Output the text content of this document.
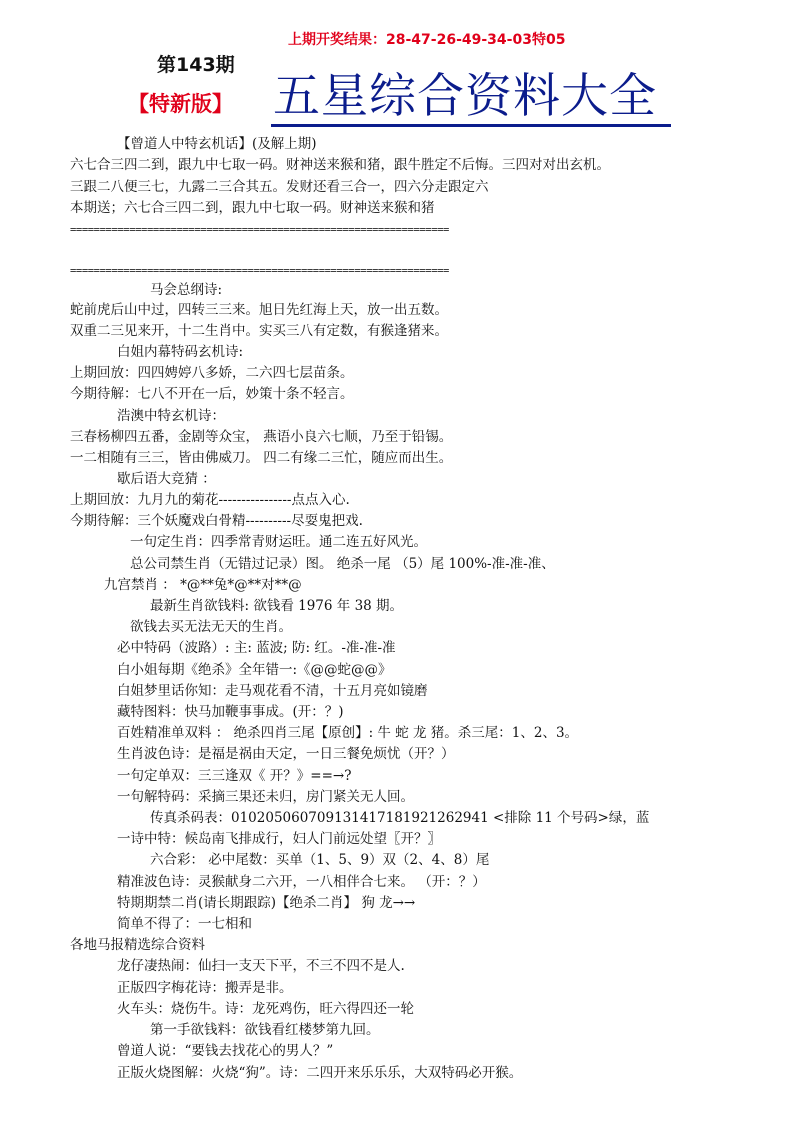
上期开奖结果：28-47-26-49-34-03特05
第143期
【特新版】 五星综合资料大全
【曾道人中特玄机话】(及解上期)
六七合三四二到，跟九中七取一码。财神送来猴和猪，跟牛胜定不后悔。三四对对出玄机。
三跟二八便三七，九露二三合其五。发财还看三合一，四六分走跟定六
本期送；六七合三四二到，跟九中七取一码。财神送来猴和猪
================================================================
================================================================
马会总纲诗:
蛇前虎后山中过，四转三三来。旭日先红海上天，放一出五数。
双重二三见来开，十二生肖中。实买三八有定数，有猴逢猪来。
白姐内幕特码玄机诗:
上期回放：四四娉婷八多娇，二六四七层苗条。
今期待解：七八不开在一后，妙策十条不轻言。
浩澳中特玄机诗：
三春杨柳四五番，金剧等众宝， 燕语小良六七顺，乃至于铅锡。
一二相随有三三，皆由佛威刀。 四二有缘二三忙，随应而出生。
歇后语大竞猜 ：
上期回放：九月九的菊花----------------点点入心.
今期待解：三个妖魔戏白骨精----------尽耍鬼把戏.
一句定生肖：四季常青财运旺。通二连五好风光。
总公司禁生肖（无错过记录）图。 绝杀一尾 （5）尾 100%-准-准-准、
九宫禁肖 ： *@**兔*@**对**@
最新生肖欲钱料: 欲钱看 1976 年 38 期。
欲钱去买无法无天的生肖。
必中特码（波路）: 主: 蓝波; 防: 红。-准-准-准
白小姐每期《绝杀》全年错一:《@@蛇@@》
白姐梦里话你知：走马观花看不清，十五月亮如镜磨
藏特图料：快马加鞭事事成。(开：？)
百姓精准单双料 ： 绝杀四肖三尾【原创】: 牛 蛇 龙 猪。杀三尾：1、2、3。
生肖波色诗：是福是祸由天定，一日三餐免烦忧（开？）
一句定单双：三三逢双《 开？》==→?
一句解特码：采摘三果还未归，房门紧关无人回。
传真杀码表：0102050607091314171819212629​41 <排除 11 个号码>绿，蓝
一诗中特：候岛南飞排成行，妇人门前远处望〖开？〗
六合彩： 必中尾数：买单（1、5、9）双（2、4、8）尾
精准波色诗：灵猴献身二六开，一八相伴合七来。 （开：？）
特期期禁二肖(请长期跟踪)【绝杀二肖】 狗 龙→→
简单不得了：一七相和
各地马报精选综合资料
龙仔凄热闹：仙扫一支天下平，不三不四不是人.
正版四字梅花诗：搬弄是非。
火车头：烧伤牛。诗：龙死鸡伤，旺六得四还一轮
第一手欲钱料：欲钱看红楼梦第九回。
曾道人说：“要钱去找花心的男人？”
正版火烧图解：火烧“狗”。诗：二四开来乐乐乐，大双特码必开猴。
